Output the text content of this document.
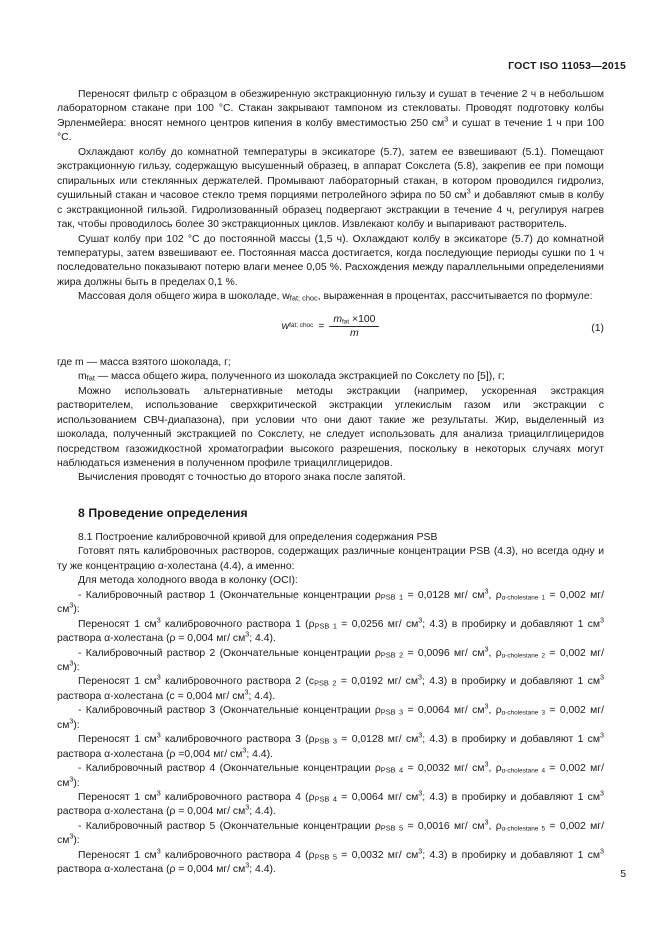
ГОСТ ISO 11053—2015

Переносят фильтр с образцом в обезжиренную экстракционную гильзу и сушат в течение 2 ч в небольшом лабораторном стакане при 100 °С. Стакан закрывают тампоном из стекловаты. Проводят подготовку колбы Эрленмейера: вносят немного центров кипения в колбу вместимостью 250 $см^3$ и сушат в течение 1 ч при 100 °С.

Охлаждают колбу до комнатной температуры в эксикаторе (5.7), затем ее взвешивают (5.1). Помещают экстракционную гильзу, содержащую высушенный образец, в аппарат Сокслета (5.8), закрепив ее при помощи спиральных или стеклянных держателей. Промывают лабораторный стакан, в котором проводился гидролиз, сушильный стакан и часовое стекло тремя порциями петролейного эфира по 50 $см^3$ и добавляют смыв в колбу с экстракционной гильзой. Гидролизованный образец подвергают экстракции в течение 4 ч, регулируя нагрев так, чтобы проводилось более 30 экстракционных циклов. Извлекают колбу и выпаривают растворитель.

Сушат колбу при 102 °С до постоянной массы (1,5 ч). Охлаждают колбу в эксикаторе (5.7) до комнатной температуры, затем взвешивают ее. Постоянная масса достигается, когда последующие периоды сушки по 1 ч последовательно показывают потерю влаги менее 0,05 %. Расхождения между параллельными определениями жира должны быть в пределах 0,1 %.

Массовая доля общего жира в шоколаде, $w_{fat; choc}$, выраженная в процентах, рассчитывается по формуле:

w fat; choc = $\frac{m_{fat} \times 100}{m}$	(1)

где m — масса взятого шоколада, г;

$m_{fat}$ — масса общего жира, полученного из шоколада экстракцией по Сокслету по [5]), г;

Можно использовать альтернативные методы экстракции (например, ускоренная экстракция растворителем, использование сверхкритической экстракции углекислым газом или экстракции с использованием СВЧ-диапазона), при условии что они дают такие же результаты. Жир, выделенный из шоколада, полученный экстракцией по Сокслету, не следует использовать для анализа триацилглицеридов посредством газожидкостной хроматографии высокого разрешения, поскольку в некоторых случаях могут наблюдаться изменения в полученном профиле триацилглицеридов.

Вычисления проводят с точностью до второго знака после запятой.

8 Проведение определения

8.1 Построение калибровочной кривой для определения содержания PSB

Готовят пять калибровочных растворов, содержащих различные концентрации PSB (4.3), но всегда одну и ту же концентрацию α-холестана (4.4), а именно:

Для метода холодного ввода в колонку (OCI):

- Калибровочный раствор 1 (Окончательные концентрации $\rho_{PSB 1} = 0,0128$ мг/ $см^3$, $\rho_{\alpha-cholestane 1} = 0,002$ мг/ $см^3$):

Переносят 1 $см^3$ калибровочного раствора 1 ($\rho_{PSB 1} = 0,0256$ мг/ $см^3$; 4.3) в пробирку и добавляют 1 $см^3$ раствора α-холестана (ρ = 0,004 мг/ $см^3$; 4.4).

- Калибровочный раствор 2 (Окончательные концентрации $\rho_{PSB 2} = 0,0096$ мг/ $см^3$, $\rho_{\alpha-cholestane 2} = 0,002$ мг/ $см^3$):

Переносят 1 $см^3$ калибровочного раствора 2 ($c_{PSB 2} = 0,0192$ мг/ $см^3$; 4.3) в пробирку и добавляют 1 $см^3$ раствора α-холестана (c = 0,004 мг/ $см^3$; 4.4).

- Калибровочный раствор 3 (Окончательные концентрации $\rho_{PSB 3} = 0,0064$ мг/ $см^3$, $\rho_{\alpha-cholestane 3} = 0,002$ мг/ $см^3$):

Переносят 1 $см^3$ калибровочного раствора 3 ($\rho_{PSB 3} = 0,0128$ мг/ $см^3$; 4.3) в пробирку и добавляют 1 $см^3$ раствора α-холестана (ρ =0,004 мг/ $см^3$; 4.4).

- Калибровочный раствор 4 (Окончательные концентрации $\rho_{PSB 4} = 0,0032$ мг/ $см^3$, $\rho_{\alpha-cholestane 4} = 0,002$ мг/ $см^3$):

Переносят 1 $см^3$ калибровочного раствора 4 ($\rho_{PSB 4} = 0,0064$ мг/ $см^3$; 4.3) в пробирку и добавляют 1 $см^3$ раствора α-холестана (ρ = 0,004 мг/ $см^3$; 4.4).

- Калибровочный раствор 5 (Окончательные концентрации $\rho_{PSB 5} = 0,0016$ мг/ $см^3$, $\rho_{\alpha-cholestane 5} = 0,002$ мг/ $см^3$):

Переносят 1 $см^3$ калибровочного раствора 4 ($\rho_{PSB 5} = 0,0032$ мг/ $см^3$; 4.3) в пробирку и добавляют 1 $см^3$ раствора α-холестана (ρ = 0,004 мг/ $см^3$; 4.4).	5
